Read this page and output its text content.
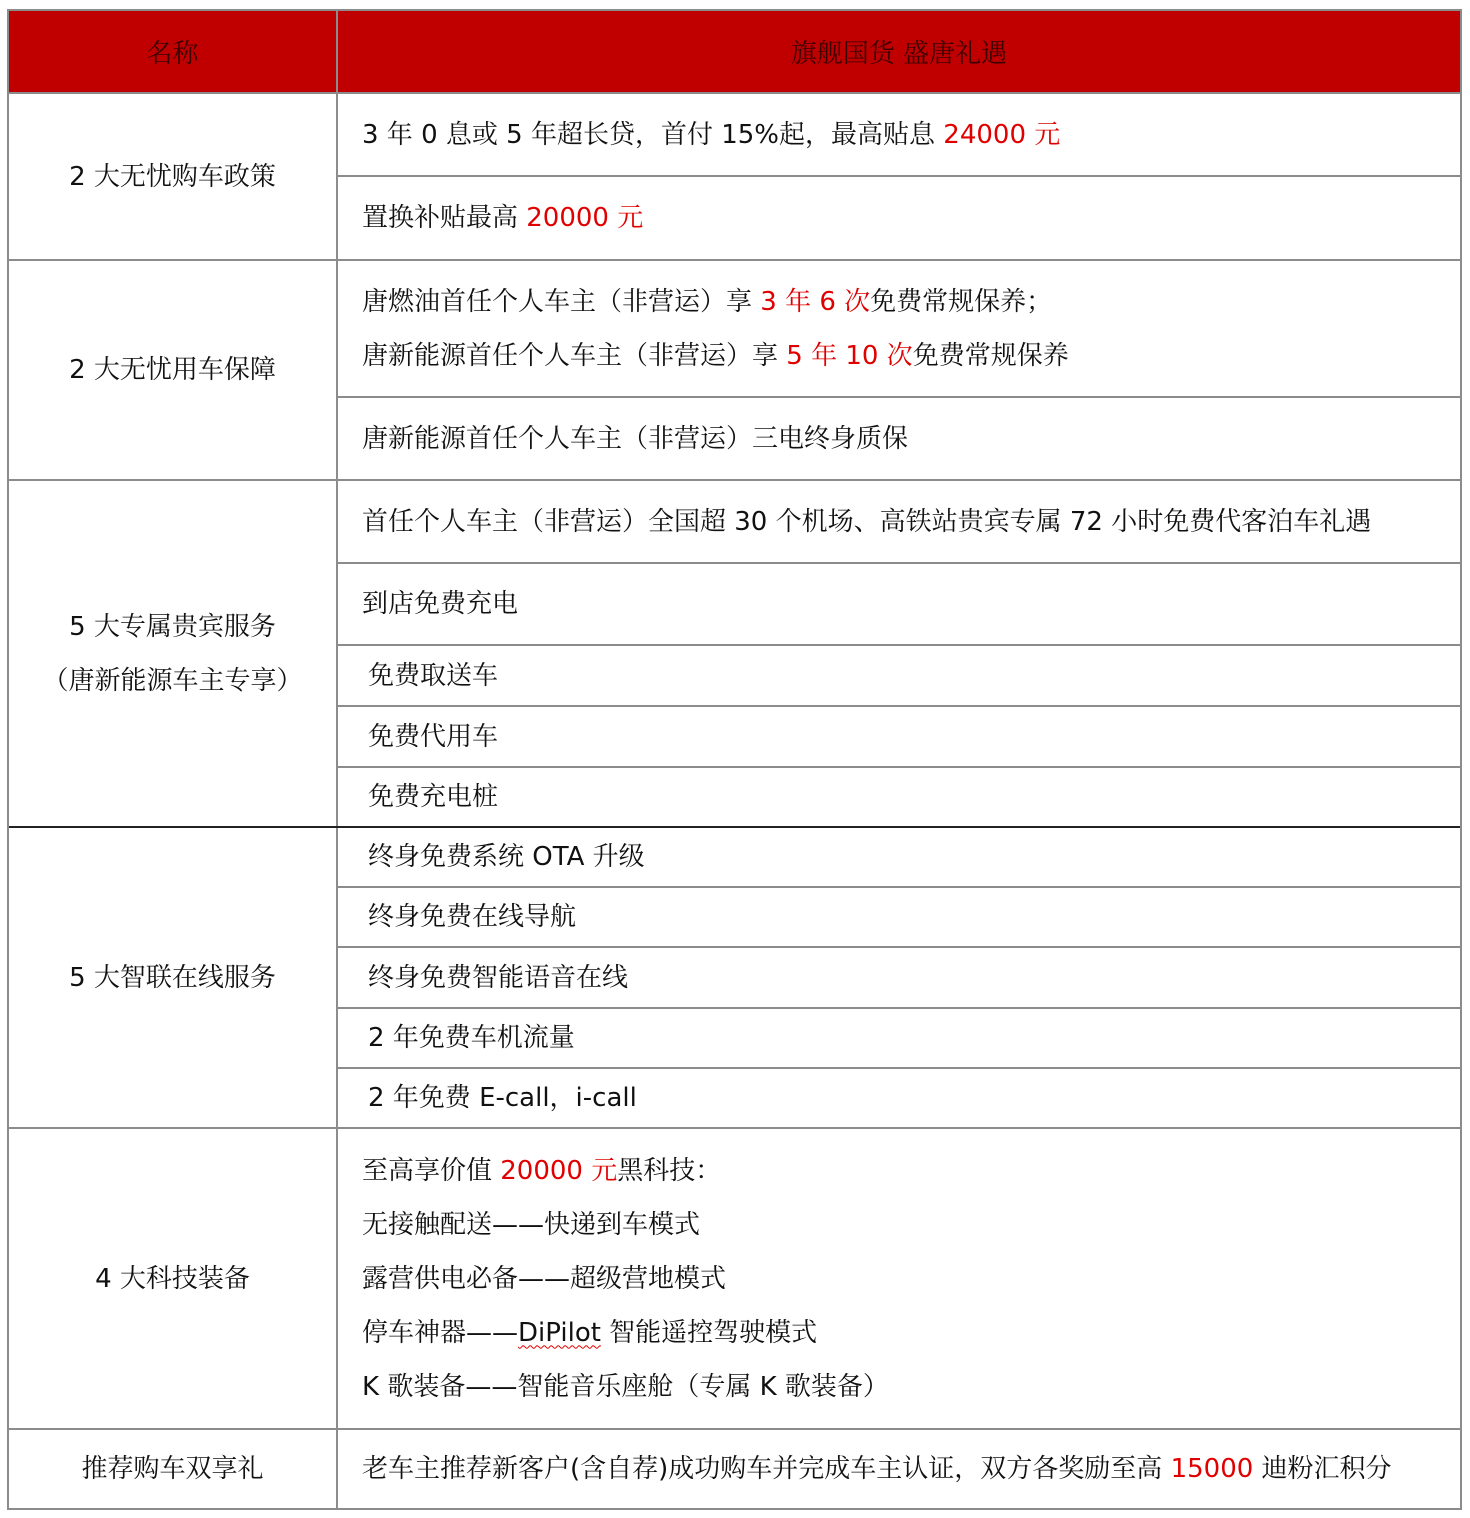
名称	旗舰国货 盛唐礼遇
2 大无忧购车政策
3 年 0 息或 5 年超长贷，首付 15%起，最高贴息 24000 元
置换补贴最高 20000 元
2 大无忧用车保障
唐燃油首任个人车主（非营运）享 3 年 6 次免费常规保养；
唐新能源首任个人车主（非营运）享 5 年 10 次免费常规保养
唐新能源首任个人车主（非营运）三电终身质保
5 大专属贵宾服务
（唐新能源车主专享）
首任个人车主（非营运）全国超 30 个机场、高铁站贵宾专属 72 小时免费代客泊车礼遇
到店免费充电
免费取送车
免费代用车
免费充电桩
5 大智联在线服务
终身免费系统 OTA 升级
终身免费在线导航
终身免费智能语音在线
2 年免费车机流量
2 年免费 E-call，i-call
4 大科技装备
至高享价值 20000 元黑科技：
无接触配送——快递到车模式
露营供电必备——超级营地模式
停车神器——DiPilot 智能遥控驾驶模式
K 歌装备——智能音乐座舱（专属 K 歌装备）
推荐购车双享礼	老车主推荐新客户(含自荐)成功购车并完成车主认证，双方各奖励至高 15000 迪粉汇积分
